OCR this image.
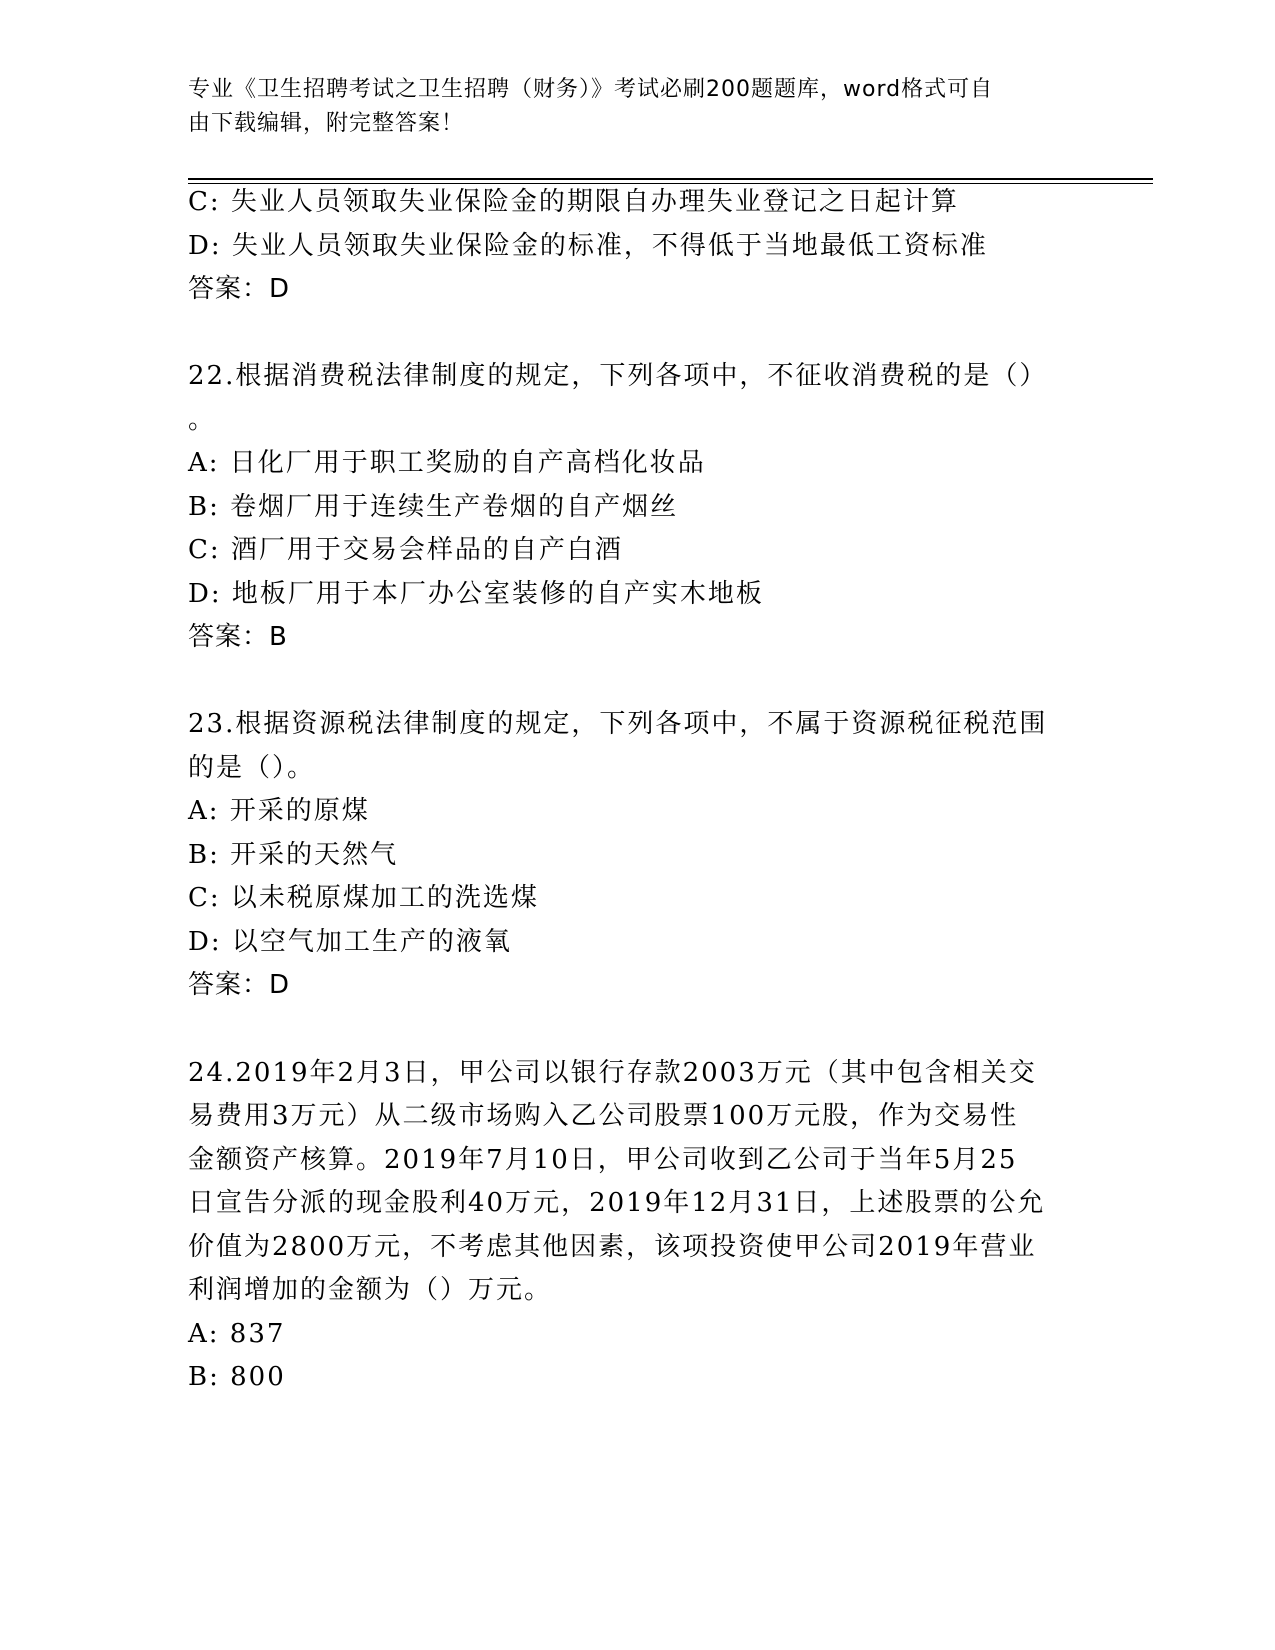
专业《卫生招聘考试之卫生招聘（财务）》考试必刷200题题库，word格式可自
由下载编辑，附完整答案！
C: 失业人员领取失业保险金的期限自办理失业登记之日起计算
D: 失业人员领取失业保险金的标准，不得低于当地最低工资标准
答案：D
22.根据消费税法律制度的规定，下列各项中，不征收消费税的是（）
。
A: 日化厂用于职工奖励的自产高档化妆品
B: 卷烟厂用于连续生产卷烟的自产烟丝
C: 酒厂用于交易会样品的自产白酒
D: 地板厂用于本厂办公室装修的自产实木地板
答案：B
23.根据资源税法律制度的规定，下列各项中，不属于资源税征税范围
的是（）。
A: 开采的原煤
B: 开采的天然气
C: 以未税原煤加工的洗选煤
D: 以空气加工生产的液氧
答案：D
24.2019年2月3日，甲公司以银行存款2003万元（其中包含相关交
易费用3万元）从二级市场购入乙公司股票100万元股，作为交易性
金额资产核算。2019年7月10日，甲公司收到乙公司于当年5月25
日宣告分派的现金股利40万元，2019年12月31日，上述股票的公允
价值为2800万元，不考虑其他因素，该项投资使甲公司2019年营业
利润增加的金额为（）万元。
A: 837
B: 800
